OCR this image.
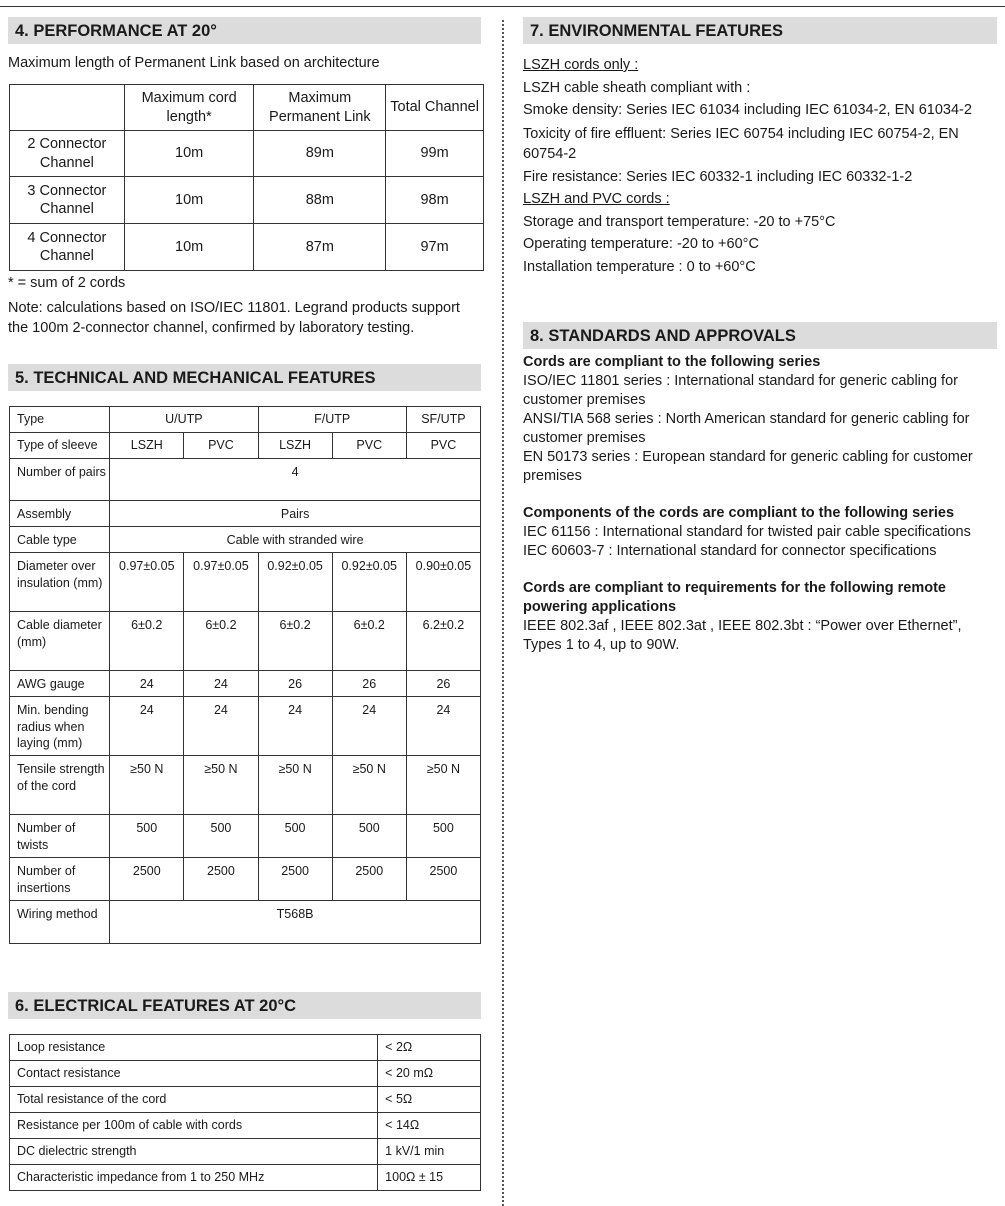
4. PERFORMANCE AT 20°
Maximum length of Permanent Link based on architecture
	Maximum cord length*	Maximum Permanent Link	Total Channel
2 Connector Channel	10m	89m	99m
3 Connector Channel	10m	88m	98m
4 Connector Channel	10m	87m	97m
* = sum of 2 cords
Note: calculations based on ISO/IEC 11801. Legrand products support the 100m 2-connector channel, confirmed by laboratory testing.
5. TECHNICAL AND MECHANICAL FEATURES
Type	U/UTP		F/UTP		SF/UTP
Type of sleeve	LSZH	PVC	LSZH	PVC	PVC
Number of pairs	4				
Assembly	Pairs				
Cable type	Cable with stranded wire				
Diameter over insulation (mm)	0.97±0.05	0.97±0.05	0.92±0.05	0.92±0.05	0.90±0.05
Cable diameter (mm)	6±0.2	6±0.2	6±0.2	6±0.2	6.2±0.2
AWG gauge	24	24	26	26	26
Min. bending radius when laying (mm)	24	24	24	24	24
Tensile strength of the cord	≥50 N	≥50 N	≥50 N	≥50 N	≥50 N
Number of twists	500	500	500	500	500
Number of insertions	2500	2500	2500	2500	2500
Wiring method	T568B				
6. ELECTRICAL FEATURES AT 20°C
Loop resistance	< 2Ω
Contact resistance	< 20 mΩ
Total resistance of the cord	< 5Ω
Resistance per 100m of cable with cords	< 14Ω
DC dielectric strength	1 kV/1 min
Characteristic impedance from 1 to 250 MHz	100Ω ± 15
7. ENVIRONMENTAL FEATURES
LSZH cords only :
LSZH cable sheath compliant with :
Smoke density: Series IEC 61034 including IEC 61034-2, EN 61034-2
Toxicity of fire effluent: Series IEC 60754 including IEC 60754-2, EN 60754-2
Fire resistance: Series IEC 60332-1 including IEC 60332-1-2
LSZH and PVC cords :
Storage and transport temperature: -20 to +75°C
Operating temperature: -20 to +60°C
Installation temperature : 0 to +60°C
8. STANDARDS AND APPROVALS
Cords are compliant to the following series
ISO/IEC 11801 series : International standard for generic cabling for customer premises
ANSI/TIA 568 series : North American standard for generic cabling for customer premises
EN 50173 series : European standard for generic cabling for customer premises
Components of the cords are compliant to the following series
IEC 61156 : International standard for twisted pair cable specifications
IEC 60603-7 : International standard for connector specifications
Cords are compliant to requirements for the following remote powering applications
IEEE 802.3af , IEEE 802.3at , IEEE 802.3bt : “Power over Ethernet”, Types 1 to 4, up to 90W.
